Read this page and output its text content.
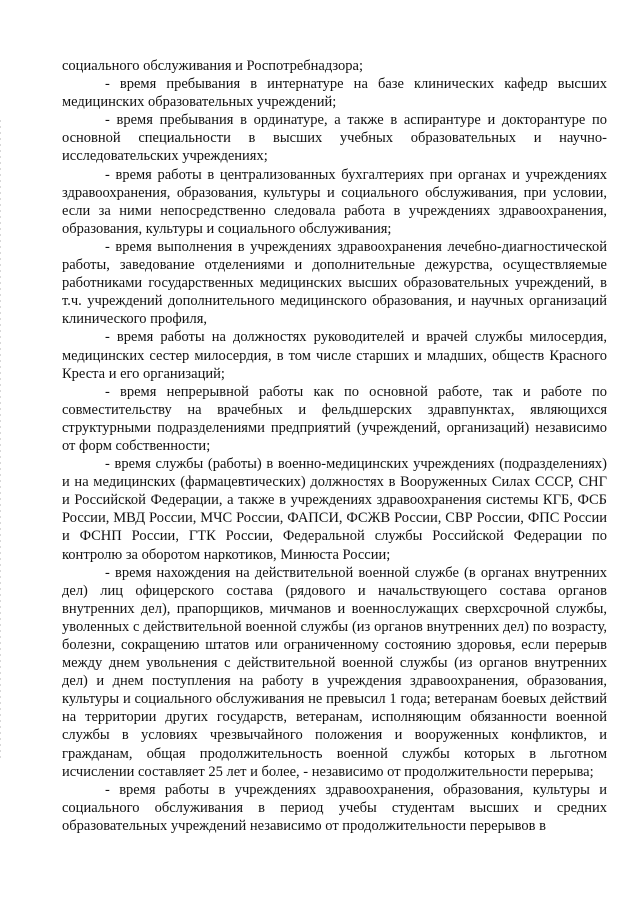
социального обслуживания и Роспотребнадзора;

- время пребывания в интернатуре на базе клинических кафедр высших медицинских образовательных учреждений;

- время пребывания в ординатуре, а также в аспирантуре и докторантуре по основной специальности в высших учебных образовательных и научно-исследовательских учреждениях;

- время работы в централизованных бухгалтериях при органах и учреждениях здравоохранения, образования, культуры и социального обслуживания, при условии, если за ними непосредственно следовала работа в учреждениях здравоохранения, образования, культуры и социального обслуживания;

- время выполнения в учреждениях здравоохранения лечебно-диагностической работы, заведование отделениями и дополнительные дежурства, осуществляемые работниками государственных медицинских высших образовательных учреждений, в т.ч. учреждений дополнительного медицинского образования, и научных организаций клинического профиля,

- время работы на должностях руководителей и врачей службы милосердия, медицинских сестер милосердия, в том числе старших и младших, обществ Красного Креста и его организаций;

- время непрерывной работы как по основной работе, так и работе по совместительству на врачебных и фельдшерских здравпунктах, являющихся структурными подразделениями предприятий (учреждений, организаций) независимо от форм собственности;

- время службы (работы) в военно-медицинских учреждениях (подразделениях) и на медицинских (фармацевтических) должностях в Вооруженных Силах СССР, СНГ и Российской Федерации, а также в учреждениях здравоохранения системы КГБ, ФСБ России, МВД России, МЧС России, ФАПСИ, ФСЖВ России, СВР России, ФПС России и ФСНП России, ГТК России, Федеральной службы Российской Федерации по контролю за оборотом наркотиков, Минюста России;

- время нахождения на действительной военной службе (в органах внутренних дел) лиц офицерского состава (рядового и начальствующего состава органов внутренних дел), прапорщиков, мичманов и военнослужащих сверхсрочной службы, уволенных с действительной военной службы (из органов внутренних дел) по возрасту, болезни, сокращению штатов или ограниченному состоянию здоровья, если перерыв между днем увольнения с действительной военной службы (из органов внутренних дел) и днем поступления на работу в учреждения здравоохранения, образования, культуры и социального обслуживания не превысил 1 года; ветеранам боевых действий на территории других государств, ветеранам, исполняющим обязанности военной службы в условиях чрезвычайного положения и вооруженных конфликтов, и гражданам, общая продолжительность военной службы которых в льготном исчислении составляет 25 лет и более, - независимо от продолжительности перерыва;

- время работы в учреждениях здравоохранения, образования, культуры и социального обслуживания в период учебы студентам высших и средних образовательных учреждений независимо от продолжительности перерывов в
